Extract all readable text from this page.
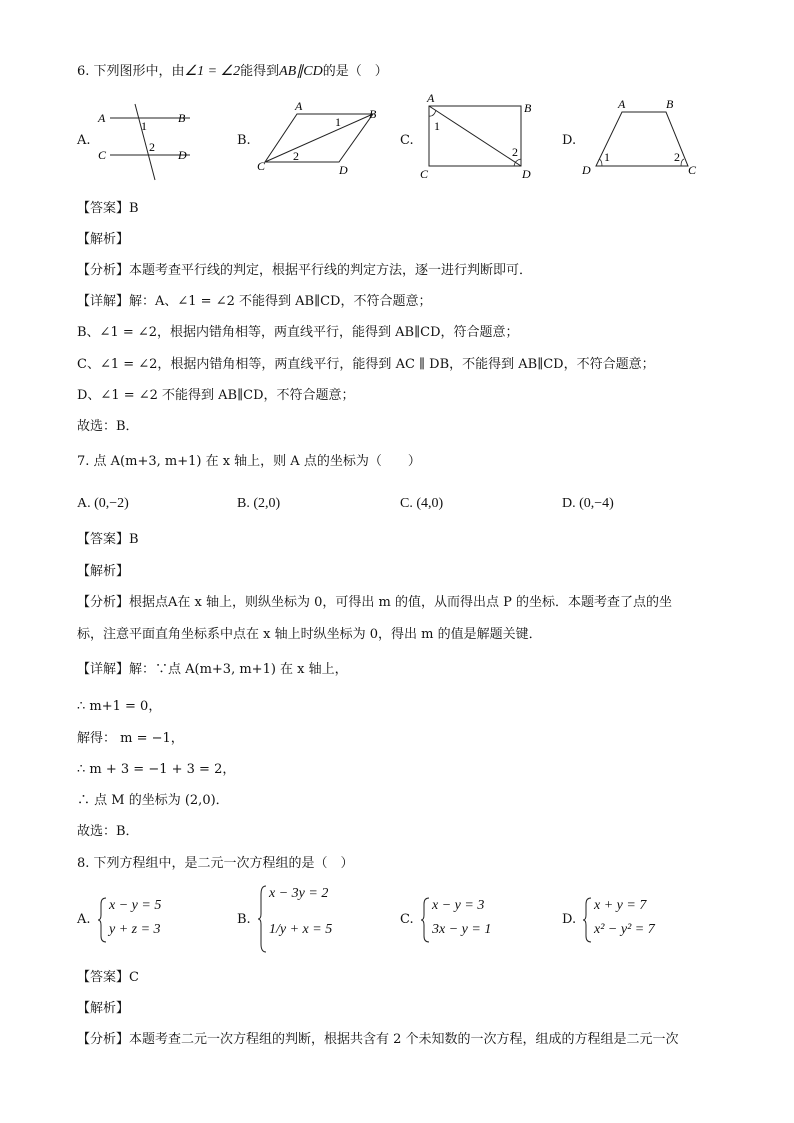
6. 下列图形中，由∠1 = ∠2能得到AB∥CD的是（　）
A.
A	B
C	D
1
2	B.
A
B
C	D
1
2
C.
A
B
C	D
1
2
D.
A	B
D	C
1	2
【答案】B
【解析】
【分析】本题考查平行线的判定，根据平行线的判定方法，逐一进行判断即可．
【详解】解：A、∠1 = ∠2 不能得到 AB∥CD，不符合题意；
B、∠1 = ∠2，根据内错角相等，两直线平行，能得到 AB∥CD，符合题意；
C、∠1 = ∠2，根据内错角相等，两直线平行，能得到 AC ∥ DB，不能得到 AB∥CD，不符合题意；
D、∠1 = ∠2 不能得到 AB∥CD，不符合题意；
故选：B．
7. 点 A(m+3, m+1) 在 x 轴上，则 A 点的坐标为（　　）
A. (0,−2)	B. (2,0)	C. (4,0)	D. (0,−4)
【答案】B
【解析】
【分析】根据点A在 x 轴上，则纵坐标为 0，可得出 m 的值，从而得出点 P 的坐标．本题考查了点的坐
标，注意平面直角坐标系中点在 x 轴上时纵坐标为 0，得出 m 的值是解题关键．
【详解】解：∵点 A(m+3, m+1) 在 x 轴上，
∴ m+1 = 0，
解得： m = −1，
∴ m + 3 = −1 + 3 = 2，
∴ 点 M 的坐标为 (2,0)．
故选：B．
8. 下列方程组中，是二元一次方程组的是（　）
A.
x − y = 5
y + z = 3
B.
x − 3y = 2
1/y + x = 5
C.
x − y = 3
3x − y = 1
D.
x + y = 7
x² − y² = 7
【答案】C
【解析】
【分析】本题考查二元一次方程组的判断，根据共含有 2 个未知数的一次方程，组成的方程组是二元一次
